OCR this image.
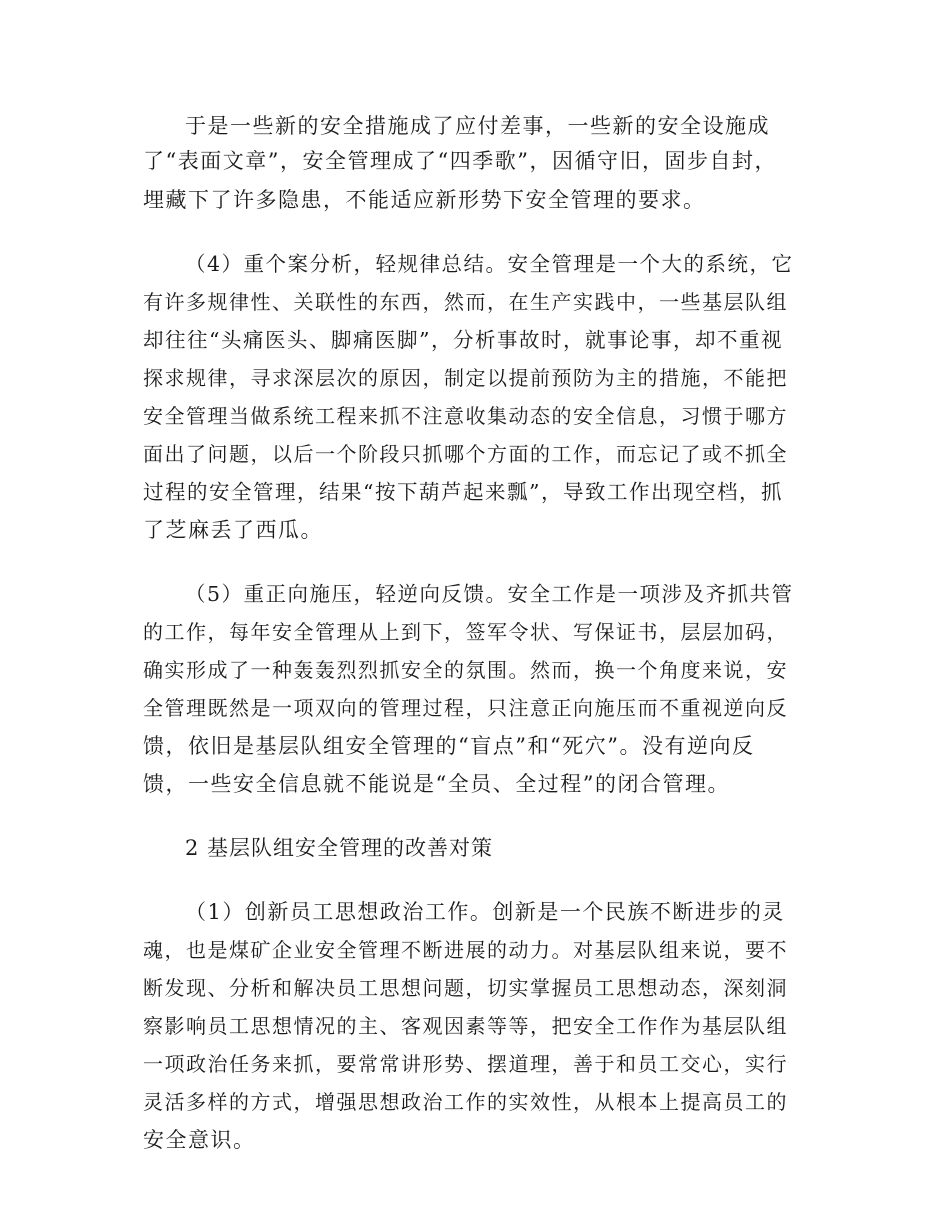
于是一些新的安全措施成了应付差事，一些新的安全设施成
了“表面文章”，安全管理成了“四季歌”，因循守旧，固步自封，
埋藏下了许多隐患，不能适应新形势下安全管理的要求。
（4）重个案分析，轻规律总结。安全管理是一个大的系统，它
有许多规律性、关联性的东西，然而，在生产实践中，一些基层队组
却往往“头痛医头、脚痛医脚”，分析事故时，就事论事，却不重视
探求规律，寻求深层次的原因，制定以提前预防为主的措施，不能把
安全管理当做系统工程来抓不注意收集动态的安全信息，习惯于哪方
面出了问题，以后一个阶段只抓哪个方面的工作，而忘记了或不抓全
过程的安全管理，结果“按下葫芦起来瓢”，导致工作出现空档，抓
了芝麻丢了西瓜。
（5）重正向施压，轻逆向反馈。安全工作是一项涉及齐抓共管
的工作，每年安全管理从上到下，签军令状、写保证书，层层加码，
确实形成了一种轰轰烈烈抓安全的氛围。然而，换一个角度来说，安
全管理既然是一项双向的管理过程，只注意正向施压而不重视逆向反
馈，依旧是基层队组安全管理的“盲点”和“死穴”。没有逆向反
馈，一些安全信息就不能说是“全员、全过程”的闭合管理。
2 基层队组安全管理的改善对策
（1）创新员工思想政治工作。创新是一个民族不断进步的灵
魂，也是煤矿企业安全管理不断进展的动力。对基层队组来说，要不
断发现、分析和解决员工思想问题，切实掌握员工思想动态，深刻洞
察影响员工思想情况的主、客观因素等等，把安全工作作为基层队组
一项政治任务来抓，要常常讲形势、摆道理，善于和员工交心，实行
灵活多样的方式，增强思想政治工作的实效性，从根本上提高员工的
安全意识。
